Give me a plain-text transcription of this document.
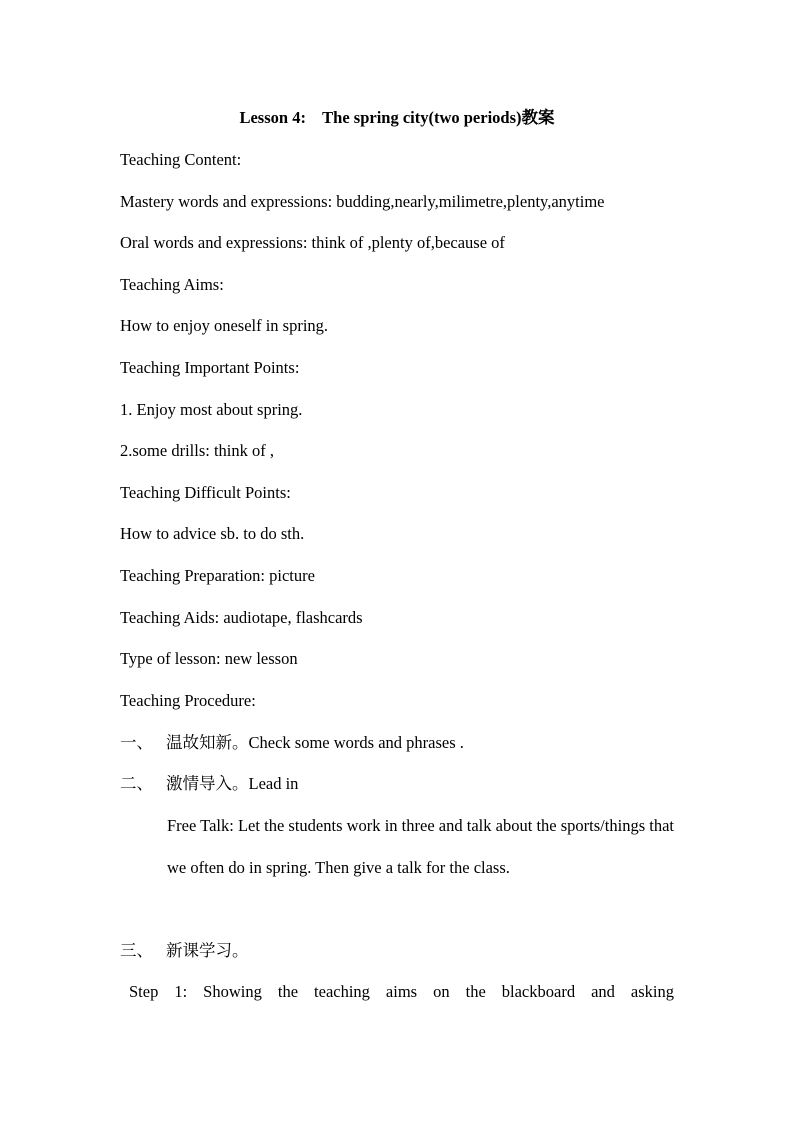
Lesson 4:    The spring city(two periods)教案
Teaching Content:
Mastery words and expressions: budding,nearly,milimetre,plenty,anytime
Oral words and expressions: think of ,plenty of,because of
Teaching Aims:
How to enjoy oneself in spring.
Teaching Important Points:
1. Enjoy most about spring.
2.some drills: think of ,
Teaching Difficult Points:
How to advice sb. to do sth.
Teaching Preparation: picture
Teaching Aids: audiotape, flashcards
Type of lesson: new lesson
Teaching Procedure:
一、 温故知新。Check some words and phrases .
二、 激情导入。Lead in
Free Talk: Let the students work in three and talk about the sports/things that we often do in spring. Then give a talk for the class.
三、 新课学习。
Step 1: Showing the teaching aims on the blackboard and asking
